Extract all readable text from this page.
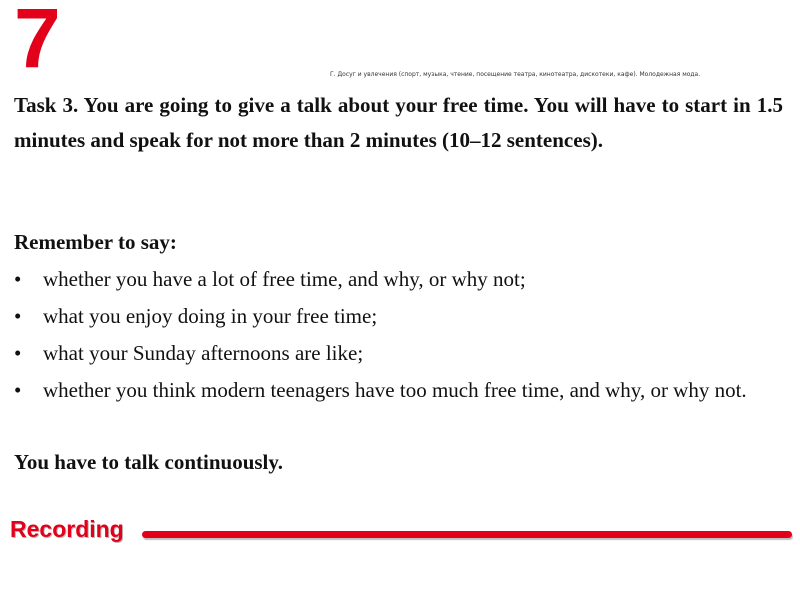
7	Г. Досуг и увлечения (спорт, музыка, чтение, посещение театра, кинотеатра, дискотеки, кафе). Молодежная мода.
Task 3. You are going to give a talk about your free time. You will have to start in 1.5 minutes and speak for not more than 2 minutes (10–12 sentences).
Remember to say:
• whether you have a lot of free time, and why, or why not;
• what you enjoy doing in your free time;
• what your Sunday afternoons are like;
• whether you think modern teenagers have too much free time, and why, or why not.
You have to talk continuously.
Recording
